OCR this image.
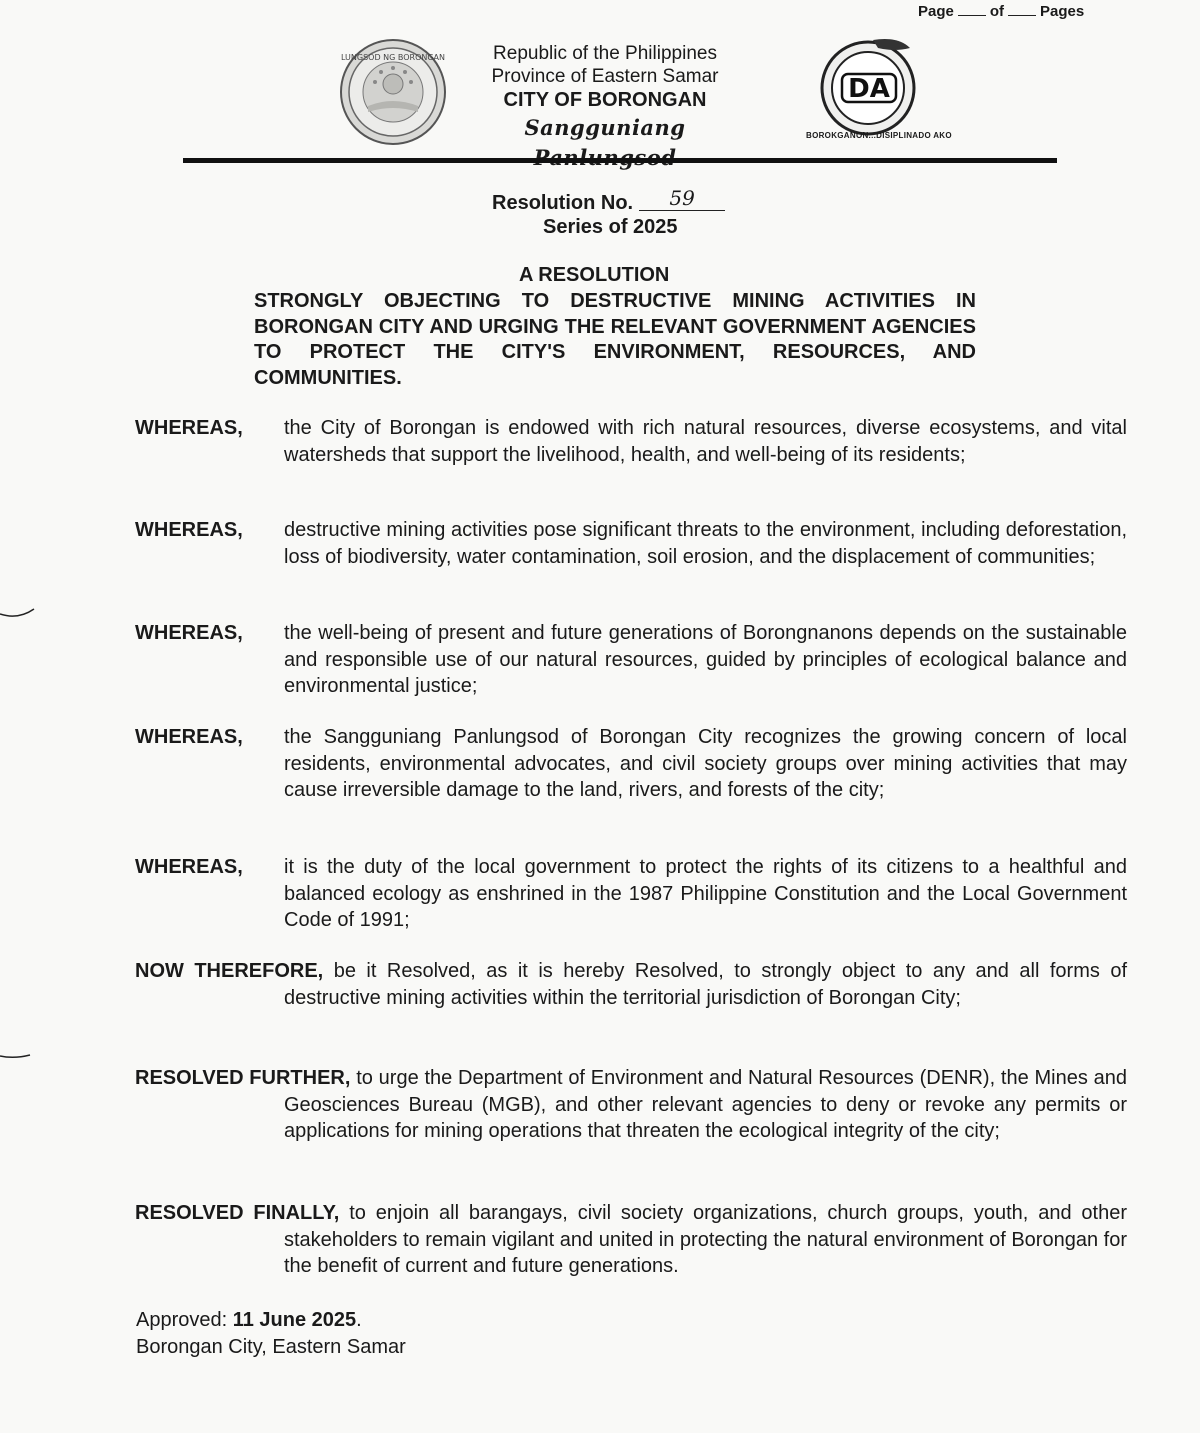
Page of Pages
LUNGSOD NG BORONGAN	Republic of the Philippines
Province of Eastern Samar
CITY OF BORONGAN
Sangguniang
DA
BOROKGANON...DISIPLINADO AKO
Resolution No. 59
Series of 2025
A RESOLUTION
STRONGLY OBJECTING TO DESTRUCTIVE MINING ACTIVITIES IN BORONGAN CITY AND URGING THE RELEVANT GOVERNMENT AGENCIES TO PROTECT THE CITY'S ENVIRONMENT, RESOURCES, AND COMMUNITIES.
WHEREAS, the City of Borongan is endowed with rich natural resources, diverse ecosystems, and vital watersheds that support the livelihood, health, and well-being of its residents;
WHEREAS, destructive mining activities pose significant threats to the environment, including deforestation, loss of biodiversity, water contamination, soil erosion, and the displacement of communities;
WHEREAS, the well-being of present and future generations of Borongnanons depends on the sustainable and responsible use of our natural resources, guided by principles of ecological balance and environmental justice;
WHEREAS, the Sangguniang Panlungsod of Borongan City recognizes the growing concern of local residents, environmental advocates, and civil society groups over mining activities that may cause irreversible damage to the land, rivers, and forests of the city;
WHEREAS, it is the duty of the local government to protect the rights of its citizens to a healthful and balanced ecology as enshrined in the 1987 Philippine Constitution and the Local Government Code of 1991;
NOW THEREFORE, be it Resolved, as it is hereby Resolved, to strongly object to any and all forms of destructive mining activities within the territorial jurisdiction of Borongan City;
RESOLVED FURTHER, to urge the Department of Environment and Natural Resources (DENR), the Mines and Geosciences Bureau (MGB), and other relevant agencies to deny or revoke any permits or applications for mining operations that threaten the ecological integrity of the city;
RESOLVED FINALLY, to enjoin all barangays, civil society organizations, church groups, youth, and other stakeholders to remain vigilant and united in protecting the natural environment of Borongan for the benefit of current and future generations.
Approved: 11 June 2025.
Borongan City, Eastern Samar
